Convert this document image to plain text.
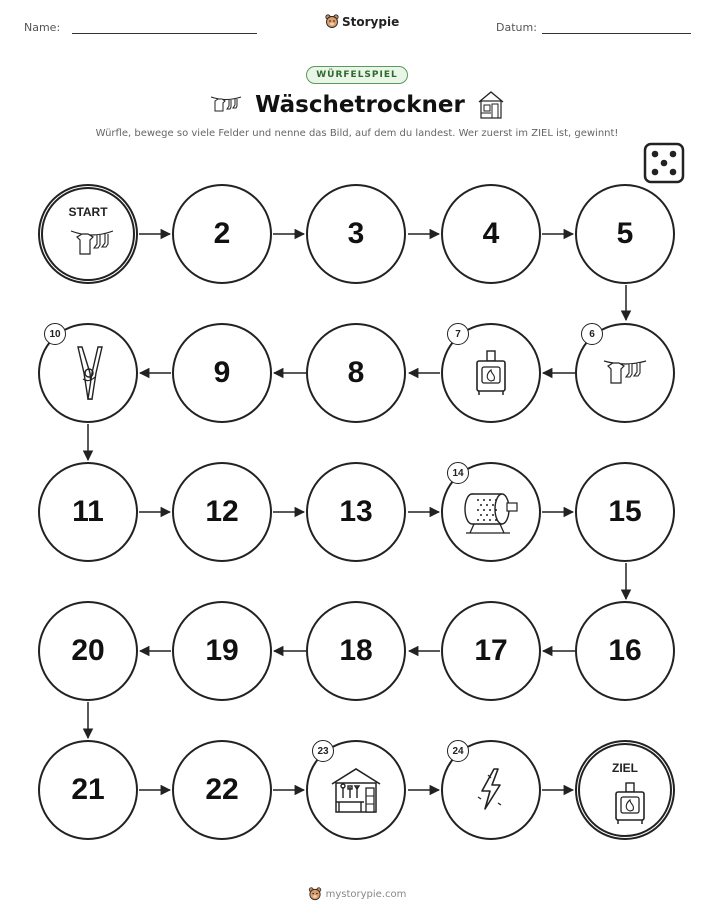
Name:	Storypie	Datum:
WÜRFELSPIEL
Wäschetrockner
Würfle, bewege so viele Felder und nenne das Bild, auf dem du landest. Wer zuerst im ZIEL ist, gewinnt!
START
2	3	4	5
6
7
8
9
10
11	12	13
14
15
16
17
18
19
20
21	22
23	24
ZIEL
mystorypie.com
